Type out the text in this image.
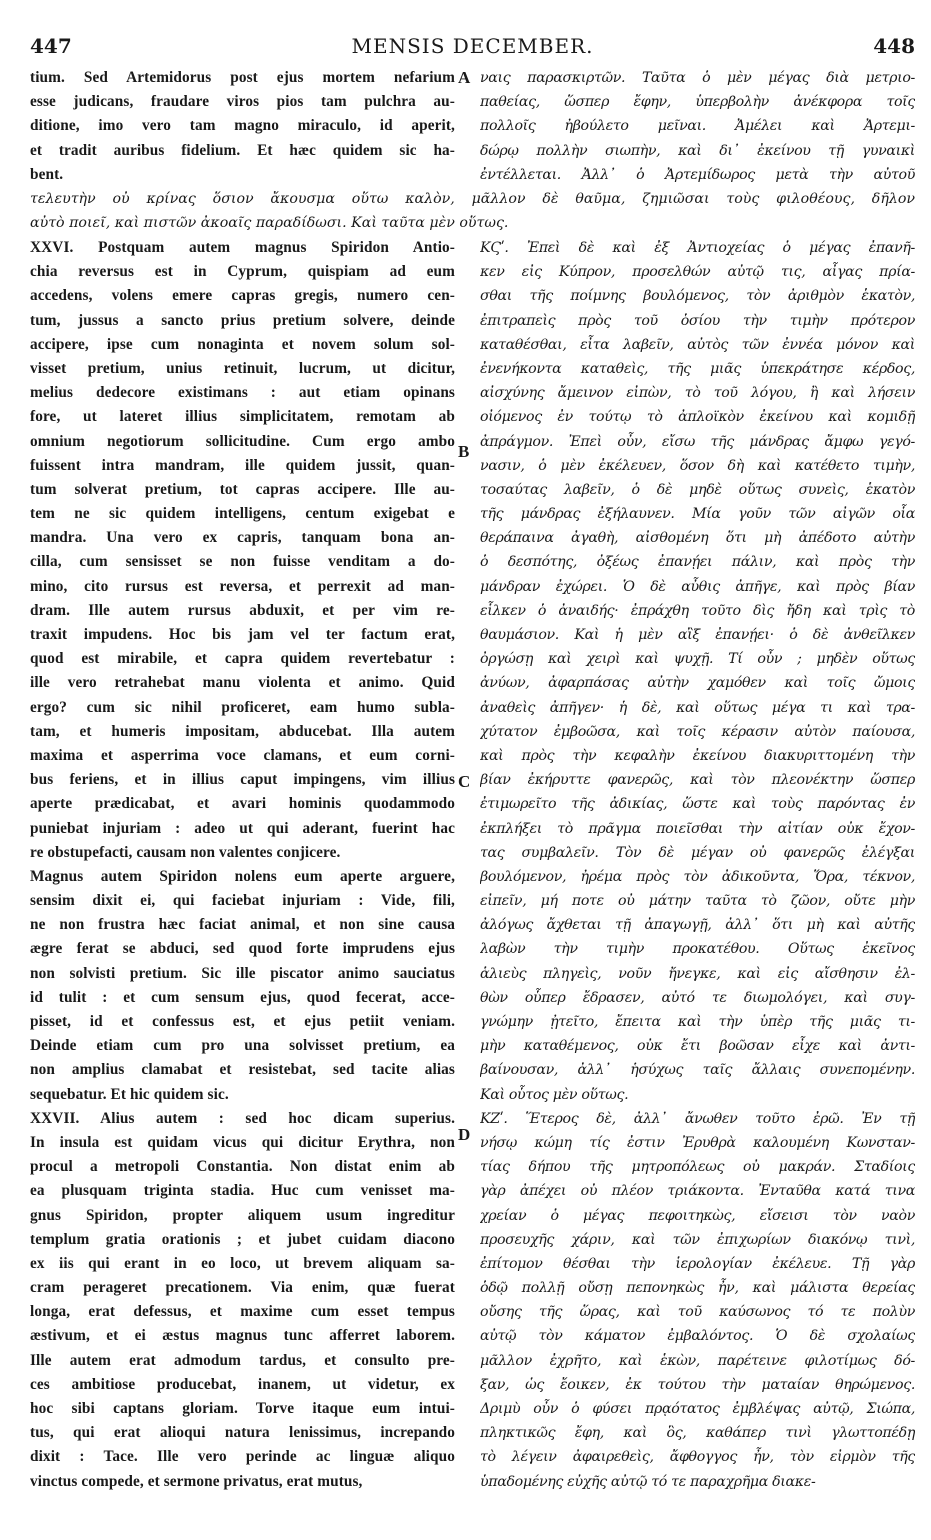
447	MENSIS DECEMBER.	448
tium. Sed Artemidorus post ejus mortem nefarium
esse judicans, fraudare viros pios tam pulchra au-
ditione, imo vero tam magno miraculo, id aperit,
et tradit auribus fidelium. Et hæc quidem sic ha-
bent.
ναις παρασκιρτῶν. Ταῦτα ὁ μὲν μέγας διὰ μετριο-
παθείας, ὥσπερ ἔφην, ὑπερβολὴν ἀνέκφορα τοῖς
πολλοῖς ἠβούλετο μεῖναι. Ἀμέλει καὶ Ἀρτεμι-
δώρῳ πολλὴν σιωπὴν, καὶ δι᾽ ἐκείνου τῇ γυναικὶ
ἐντέλλεται. Ἀλλ᾽ ὁ Ἀρτεμίδωρος μετὰ τὴν αὐτοῦ
τελευτὴν οὐ κρίνας ὅσιον ἄκουσμα οὕτω καλὸν, μᾶλλον δὲ θαῦμα, ζημιῶσαι τοὺς φιλοθέους, δῆλον
αὐτὸ ποιεῖ, καὶ πιστῶν ἀκοαῖς παραδίδωσι. Καὶ ταῦτα μὲν οὕτως.
XXVI. Postquam autem magnus Spiridon Antio-
chia reversus est in Cyprum, quispiam ad eum
accedens, volens emere capras gregis, numero cen-
tum, jussus a sancto prius pretium solvere, deinde
accipere, ipse cum nonaginta et novem solum sol-
visset pretium, unius retinuit, lucrum, ut dicitur,
melius dedecore existimans : aut etiam opinans
fore, ut lateret illius simplicitatem, remotam ab
omnium negotiorum sollicitudine. Cum ergo ambo
fuissent intra mandram, ille quidem jussit, quan-
tum solverat pretium, tot capras accipere. Ille au-
tem ne sic quidem intelligens, centum exigebat e
mandra. Una vero ex capris, tanquam bona an-
cilla, cum sensisset se non fuisse venditam a do-
mino, cito rursus est reversa, et perrexit ad man-
dram. Ille autem rursus abduxit, et per vim re-
traxit impudens. Hoc bis jam vel ter factum erat,
quod est mirabile, et capra quidem revertebatur :
ille vero retrahebat manu violenta et animo. Quid
ergo? cum sic nihil proficeret, eam humo subla-
tam, et humeris impositam, abducebat. Illa autem
maxima et asperrima voce clamans, et eum corni-
bus feriens, et in illius caput impingens, vim illius
aperte prædicabat, et avari hominis quodammodo
puniebat injuriam : adeo ut qui aderant, fuerint hac
re obstupefacti, causam non valentes conjicere.
Magnus autem Spiridon nolens eum aperte arguere,
sensim dixit ei, qui faciebat injuriam : Vide, fili,
ne non frustra hæc faciat animal, et non sine causa
ægre ferat se abduci, sed quod forte imprudens ejus
non solvisti pretium. Sic ille piscator animo sauciatus
id tulit : et cum sensum ejus, quod fecerat, acce-
pisset, id et confessus est, et ejus petiit veniam.
Deinde etiam cum pro una solvisset pretium, ea
non amplius clamabat et resistebat, sed tacite alias
sequebatur. Et hic quidem sic.
XXVII. Alius autem : sed hoc dicam superius.
In insula est quidam vicus qui dicitur Erythra, non
procul a metropoli Constantia. Non distat enim ab
ea plusquam triginta stadia. Huc cum venisset ma-
gnus Spiridon, propter aliquem usum ingreditur
templum gratia orationis ; et jubet cuidam diacono
ex iis qui erant in eo loco, ut brevem aliquam sa-
cram perageret precationem. Via enim, quæ fuerat
longa, erat defessus, et maxime cum esset tempus
æstivum, et ei æstus magnus tunc afferret laborem.
Ille autem erat admodum tardus, et consulto pre-
ces ambitiose producebat, inanem, ut videtur, ex
hoc sibi captans gloriam. Torve itaque eum intui-
tus, qui erat alioqui natura lenissimus, increpando
dixit : Tace. Ille vero perinde ac linguæ aliquo
vinctus compede, et sermone privatus, erat mutus,
ΚϚʹ. Ἐπεὶ δὲ καὶ ἐξ Ἀντιοχείας ὁ μέγας ἐπανῆ-
κεν εἰς Κύπρον, προσελθών αὐτῷ τις, αἶγας πρία-
σθαι τῆς ποίμνης βουλόμενος, τὸν ἀριθμὸν ἑκατὸν,
ἐπιτραπεὶς πρὸς τοῦ ὁσίου τὴν τιμὴν πρότερον
καταθέσθαι, εἶτα λαβεῖν, αὐτὸς τῶν ἐννέα μόνον καὶ
ἐνενήκοντα καταθεὶς, τῆς μιᾶς ὑπεκράτησε κέρδος,
αἰσχύνης ἄμεινον εἰπὼν, τὸ τοῦ λόγου, ἢ καὶ λήσειν
οἰόμενος ἐν τούτῳ τὸ ἀπλοϊκὸν ἐκείνου καὶ κομιδῇ
ἀπράγμον. Ἐπεὶ οὖν, εἴσω τῆς μάνδρας ἄμφω γεγό-
νασιν, ὁ μὲν ἐκέλευεν, ὅσον δὴ καὶ κατέθετο τιμὴν,
τοσαύτας λαβεῖν, ὁ δὲ μηδὲ οὕτως συνεὶς, ἑκατὸν
τῆς μάνδρας ἐξήλαυνεν. Μία γοῦν τῶν αἰγῶν οἷα
θεράπαινα ἀγαθὴ, αἰσθομένη ὅτι μὴ ἀπέδοτο αὐτὴν
ὁ δεσπότης, ὀξέως ἐπανῄει πάλιν, καὶ πρὸς τὴν
μάνδραν ἐχώρει. Ὁ δὲ αὖθις ἀπῆγε, καὶ πρὸς βίαν
εἷλκεν ὁ ἀναιδής· ἐπράχθη τοῦτο δὶς ἤδη καὶ τρὶς τὸ
θαυμάσιον. Καὶ ἡ μὲν αἲξ ἐπανῄει· ὁ δὲ ἀνθεῖλκεν
ὀργώσῃ καὶ χειρὶ καὶ ψυχῇ. Τί οὖν ; μηδὲν οὕτως
ἀνύων, ἀφαρπάσας αὐτὴν χαμόθεν καὶ τοῖς ὤμοις
ἀναθεὶς ἀπῆγεν· ἡ δὲ, καὶ οὕτως μέγα τι καὶ τρα-
χύτατον ἐμβοῶσα, καὶ τοῖς κέρασιν αὐτὸν παίουσα,
καὶ πρὸς τὴν κεφαλὴν ἐκείνου διακυριττομένη τὴν
βίαν ἐκήρυττε φανερῶς, καὶ τὸν πλεονέκτην ὥσπερ
ἐτιμωρεῖτο τῆς ἀδικίας, ὥστε καὶ τοὺς παρόντας ἐν
ἐκπλήξει τὸ πρᾶγμα ποιεῖσθαι τὴν αἰτίαν οὐκ ἔχον-
τας συμβαλεῖν. Τὸν δὲ μέγαν οὐ φανερῶς ἐλέγξαι
βουλόμενον, ἠρέμα πρὸς τὸν ἀδικοῦντα, Ὅρα, τέκνον,
εἰπεῖν, μή ποτε οὐ μάτην ταῦτα τὸ ζῶον, οὔτε μὴν
ἀλόγως ἄχθεται τῇ ἀπαγωγῇ, ἀλλ᾽ ὅτι μὴ καὶ αὐτῆς
λαβὼν τὴν τιμὴν προκατέθου. Οὕτως ἐκεῖνος
ἁλιεὺς πληγεὶς, νοῦν ἤνεγκε, καὶ εἰς αἴσθησιν ἐλ-
θὼν οὗπερ ἔδρασεν, αὐτό τε διωμολόγει, καὶ συγ-
γνώμην ᾐτεῖτο, ἔπειτα καὶ τὴν ὑπὲρ τῆς μιᾶς τι-
μὴν καταθέμενος, οὐκ ἔτι βοῶσαν εἶχε καὶ ἀντι-
βαίνουσαν, ἀλλ᾽ ἡσύχως ταῖς ἄλλαις συνεπομένην.
Καὶ οὗτος μὲν οὕτως.
ΚΖʹ. Ἕτερος δὲ, ἀλλ᾽ ἄνωθεν τοῦτο ἐρῶ. Ἐν τῇ
νήσῳ κώμη τίς ἐστιν Ἐρυθρὰ καλουμένη Κωνσταν-
τίας δήπου τῆς μητροπόλεως οὐ μακράν. Σταδίοις
γὰρ ἀπέχει οὐ πλέον τριάκοντα. Ἐνταῦθα κατά τινα
χρείαν ὁ μέγας πεφοιτηκὼς, εἴσεισι τὸν ναὸν
προσευχῆς χάριν, καὶ τῶν ἐπιχωρίων διακόνῳ τινὶ,
ἐπίτομον θέσθαι τὴν ἱερολογίαν ἐκέλευε. Τῇ γὰρ
ὁδῷ πολλῇ οὔσῃ πεπονηκὼς ἦν, καὶ μάλιστα θερείας
οὔσης τῆς ὥρας, καὶ τοῦ καύσωνος τό τε πολὺν
αὐτῷ τὸν κάματον ἐμβαλόντος. Ὁ δὲ σχολαίως
μᾶλλον ἐχρῆτο, καὶ ἑκὼν, παρέτεινε φιλοτίμως δό-
ξαν, ὡς ἔοικεν, ἐκ τούτου τὴν ματαίαν θηρώμενος.
Δριμὺ οὖν ὁ φύσει πρᾳότατος ἐμβλέψας αὐτῷ, Σιώπα,
πληκτικῶς ἔφη, καὶ ὃς, καθάπερ τινὶ γλωττοπέδῃ
τὸ λέγειν ἀφαιρεθεὶς, ἄφθογγος ἦν, τὸν εἰρμὸν τῆς
ὑπαδομένης εὐχῆς αὐτῷ τό τε παραχρῆμα διακε-
A
B
C
D
